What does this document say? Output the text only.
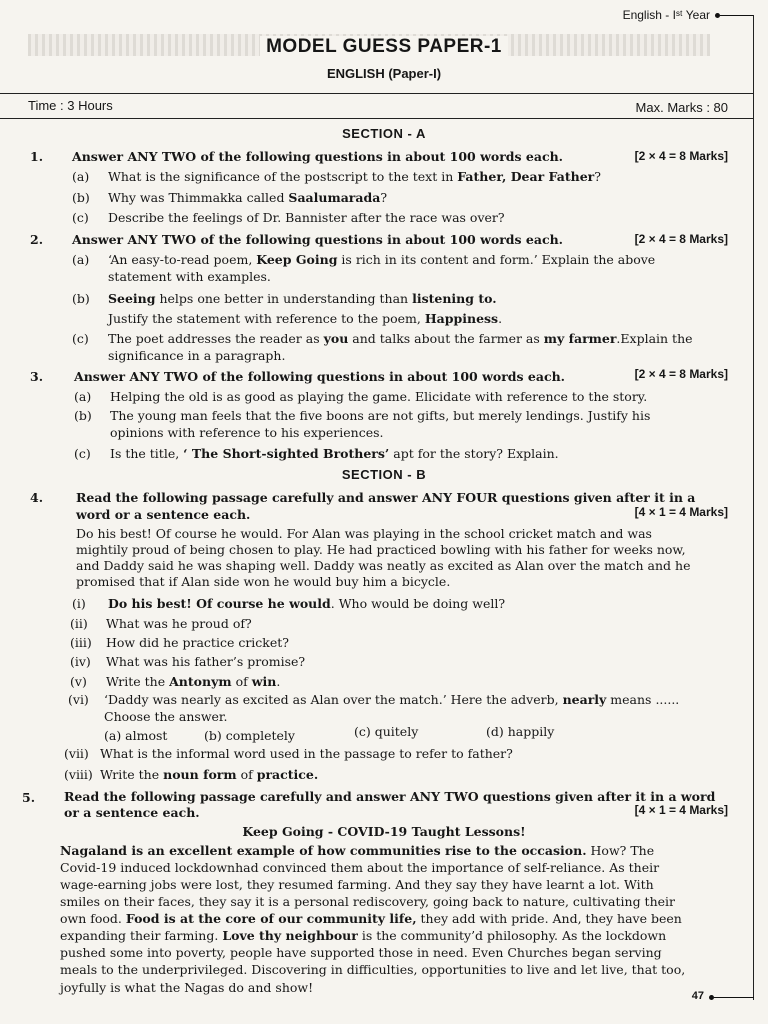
English - Iˢᵗ Year
MODEL GUESS PAPER-1
ENGLISH (Paper-I)
Time : 3 Hours	Max. Marks : 80
SECTION - A
1. Answer ANY TWO of the following questions in about 100 words each.	[2 × 4 = 8 Marks]
(a) What is the significance of the postscript to the text in Father, Dear Father?
(b) Why was Thimmakka called Saalumarada?
(c) Describe the feelings of Dr. Bannister after the race was over?
2. Answer ANY TWO of the following questions in about 100 words each.	[2 × 4 = 8 Marks]
(a) ‘An easy-to-read poem, Keep Going is rich in its content and form.’ Explain the above
statement with examples.
(b) Seeing helps one better in understanding than listening to.
Justify the statement with reference to the poem, Happiness.
(c) The poet addresses the reader as you and talks about the farmer as my farmer.Explain the
significance in a paragraph.
3. Answer ANY TWO of the following questions in about 100 words each.	[2 × 4 = 8 Marks]
(a) Helping the old is as good as playing the game. Elicidate with reference to the story.
(b) The young man feels that the five boons are not gifts, but merely lendings. Justify his
opinions with reference to his experiences.
(c) Is the title, ‘ The Short-sighted Brothers’ apt for the story? Explain.
SECTION - B
4.	Read the following passage carefully and answer ANY FOUR questions given after it in a
word or a sentence each.	[4 × 1 = 4 Marks]
Do his best! Of course he would. For Alan was playing in the school cricket match and was
mightily proud of being chosen to play. He had practiced bowling with his father for weeks now,
and Daddy said he was shaping well. Daddy was neatly as excited as Alan over the match and he
promised that if Alan side won he would buy him a bicycle.
(i) Do his best! Of course he would. Who would be doing well?
(ii) What was he proud of?
(iii) How did he practice cricket?
(iv) What was his father’s promise?
(v) Write the Antonym of win.
(vi) ‘Daddy was nearly as excited as Alan over the match.’ Here the adverb, nearly means ......
Choose the answer.
(a) almost	(b) completely	(c) quitely	(d) happily
(vii) What is the informal word used in the passage to refer to father?
(viii) Write the noun form of practice.
5. Read the following passage carefully and answer ANY TWO questions given after it in a word
or a sentence each.	[4 × 1 = 4 Marks]
Keep Going - COVID-19 Taught Lessons!
Nagaland is an excellent example of how communities rise to the occasion. How? The
Covid-19 induced lockdownhad convinced them about the importance of self-reliance. As their
wage-earning jobs were lost, they resumed farming. And they say they have learnt a lot. With
smiles on their faces, they say it is a personal rediscovery, going back to nature, cultivating their
own food. Food is at the core of our community life, they add with pride. And, they have been
expanding their farming. Love thy neighbour is the community’d philosophy. As the lockdown
pushed some into poverty, people have supported those in need. Even Churches began serving
meals to the underprivileged. Discovering in difficulties, opportunities to live and let live, that too,
joyfully is what the Nagas do and show!
47
